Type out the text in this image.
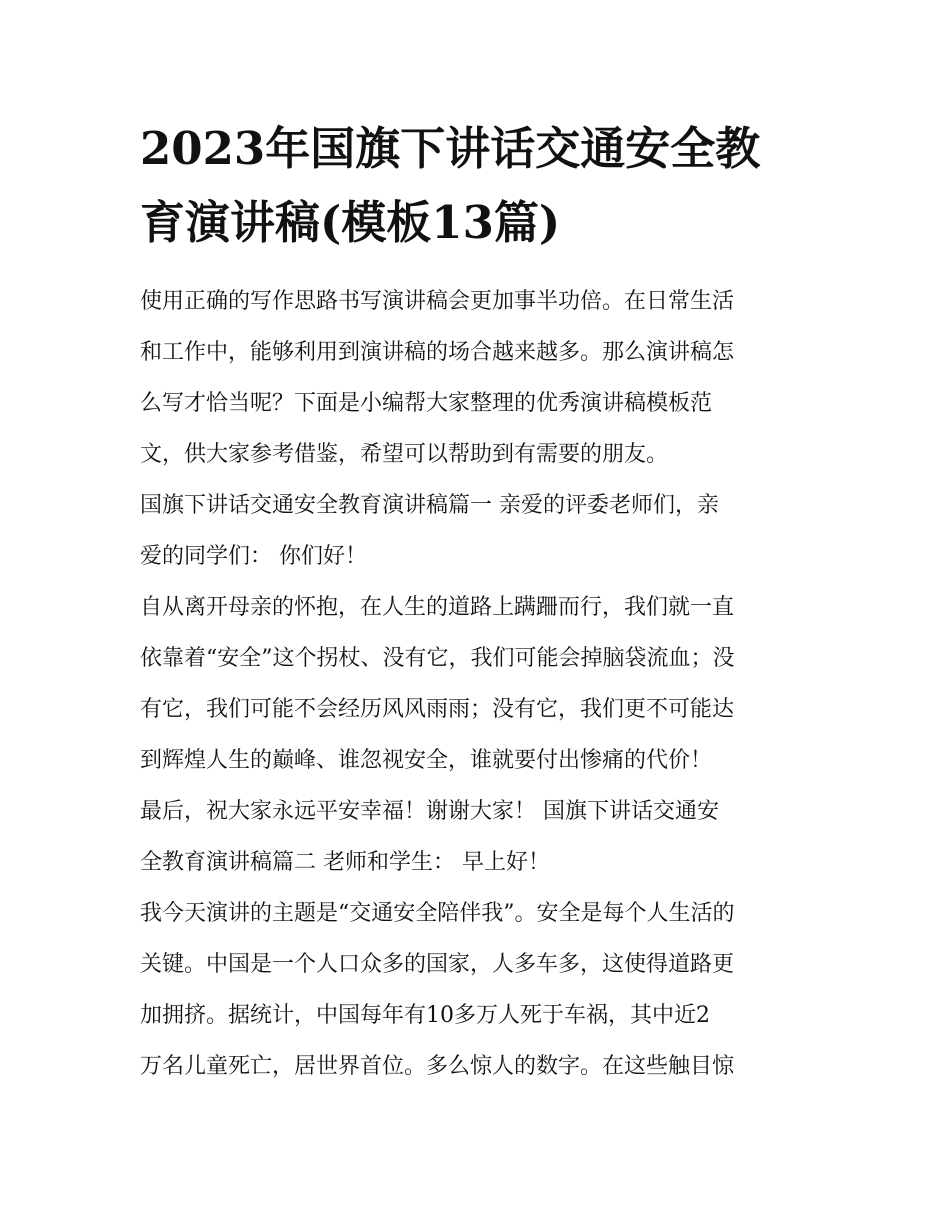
2023年国旗下讲话交通安全教
育演讲稿(模板13篇)
使用正确的写作思路书写演讲稿会更加事半功倍。在日常生活
和工作中，能够利用到演讲稿的场合越来越多。那么演讲稿怎
么写才恰当呢？下面是小编帮大家整理的优秀演讲稿模板范
文，供大家参考借鉴，希望可以帮助到有需要的朋友。
国旗下讲话交通安全教育演讲稿篇一 亲爱的评委老师们，亲
爱的同学们： 你们好！
自从离开母亲的怀抱，在人生的道路上蹒跚而行，我们就一直
依靠着“安全”这个拐杖、没有它，我们可能会掉脑袋流血；没
有它，我们可能不会经历风风雨雨；没有它，我们更不可能达
到辉煌人生的巅峰、谁忽视安全，谁就要付出惨痛的代价！
最后，祝大家永远平安幸福！谢谢大家！ 国旗下讲话交通安
全教育演讲稿篇二 老师和学生： 早上好！
我今天演讲的主题是“交通安全陪伴我”。安全是每个人生活的
关键。中国是一个人口众多的国家，人多车多，这使得道路更
加拥挤。据统计，中国每年有10多万人死于车祸，其中近2
万名儿童死亡，居世界首位。多么惊人的数字。在这些触目惊
